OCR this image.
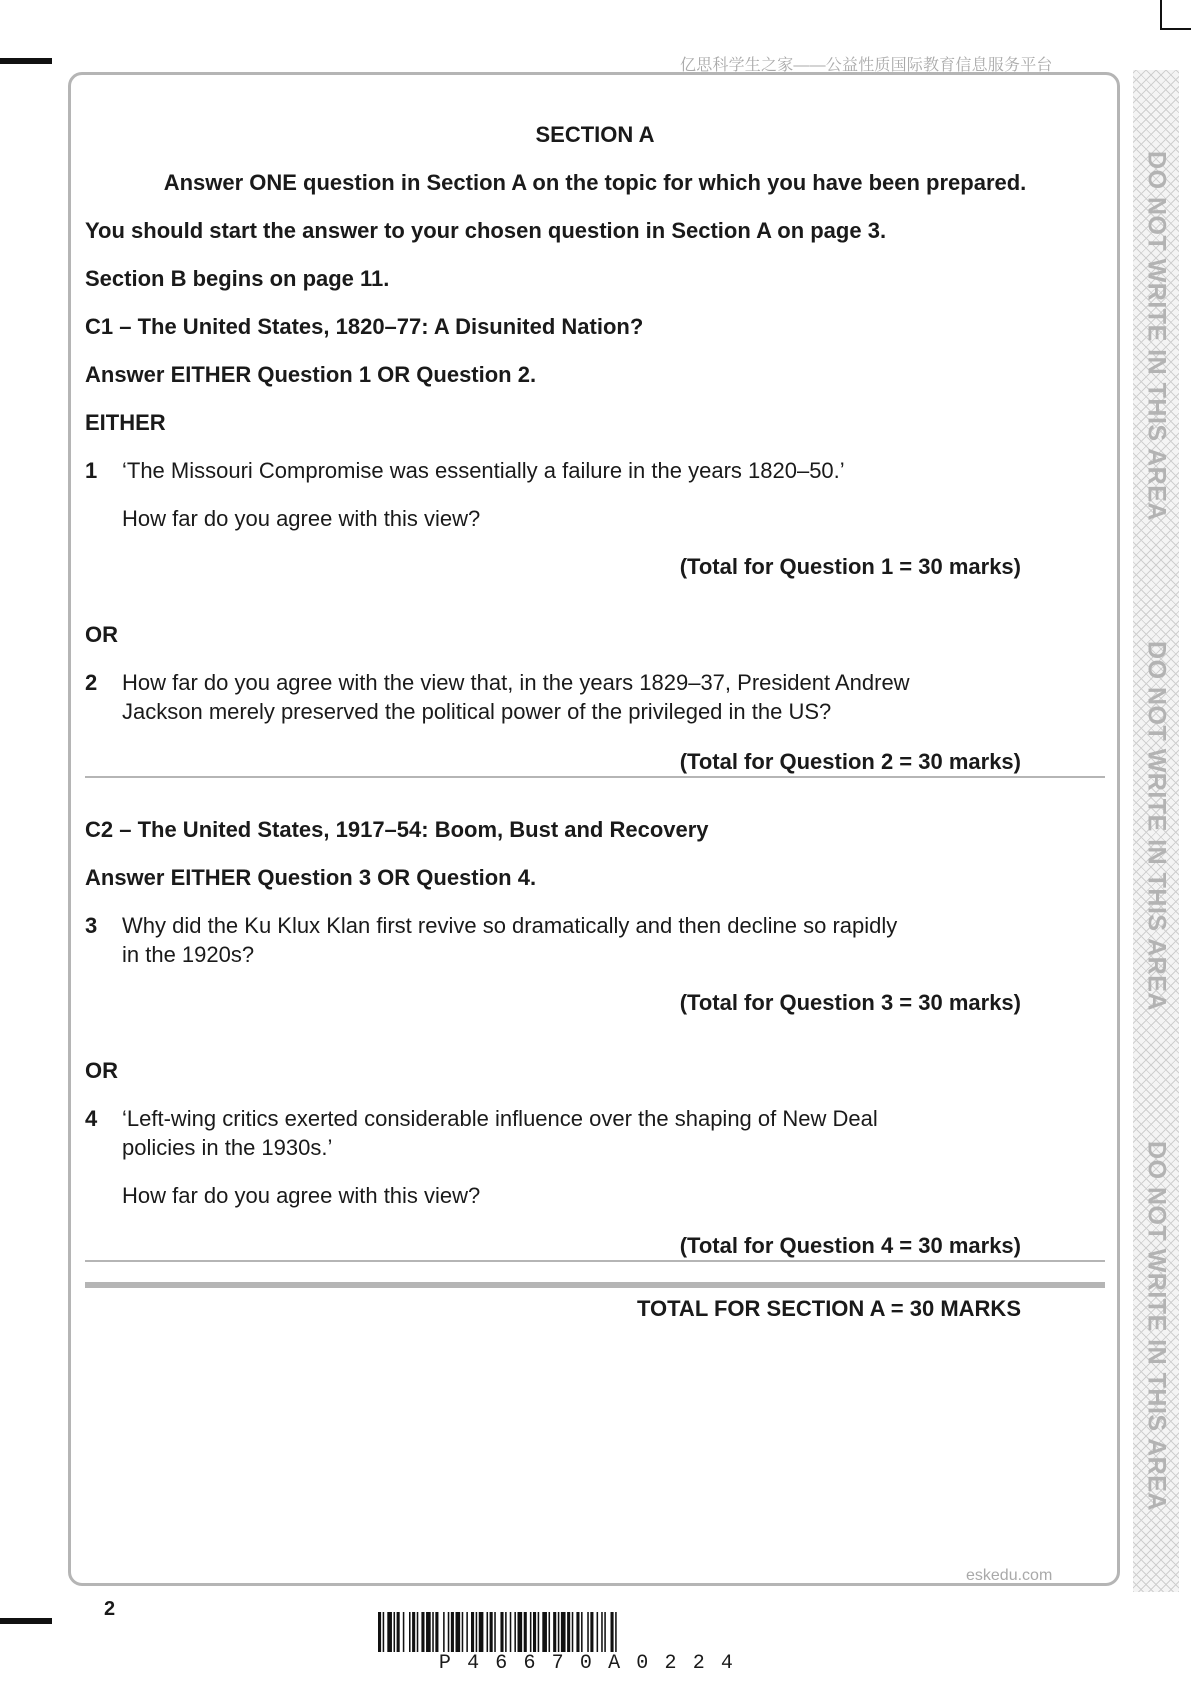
亿思科学生之家——公益性质国际教育信息服务平台
DO NOT WRITE IN THIS AREA
DO NOT WRITE IN THIS AREA
DO NOT WRITE IN THIS AREA
SECTION A
Answer ONE question in Section A on the topic for which you have been prepared.
You should start the answer to your chosen question in Section A on page 3.
Section B begins on page 11.
C1 – The United States, 1820–77: A Disunited Nation?
Answer EITHER Question 1 OR Question 2.
EITHER
1 ‘The Missouri Compromise was essentially a failure in the years 1820–50.’
How far do you agree with this view?
(Total for Question 1 = 30 marks)
OR
2 How far do you agree with the view that, in the years 1829–37, President Andrew
Jackson merely preserved the political power of the privileged in the US?
(Total for Question 2 = 30 marks)
C2 – The United States, 1917–54: Boom, Bust and Recovery
Answer EITHER Question 3 OR Question 4.
3 Why did the Ku Klux Klan first revive so dramatically and then decline so rapidly
in the 1920s?
(Total for Question 3 = 30 marks)
OR
4 ‘Left-wing critics exerted considerable influence over the shaping of New Deal
policies in the 1930s.’
How far do you agree with this view?
(Total for Question 4 = 30 marks)
TOTAL FOR SECTION A = 30 MARKS
eskedu.com
2
P46670A0224
